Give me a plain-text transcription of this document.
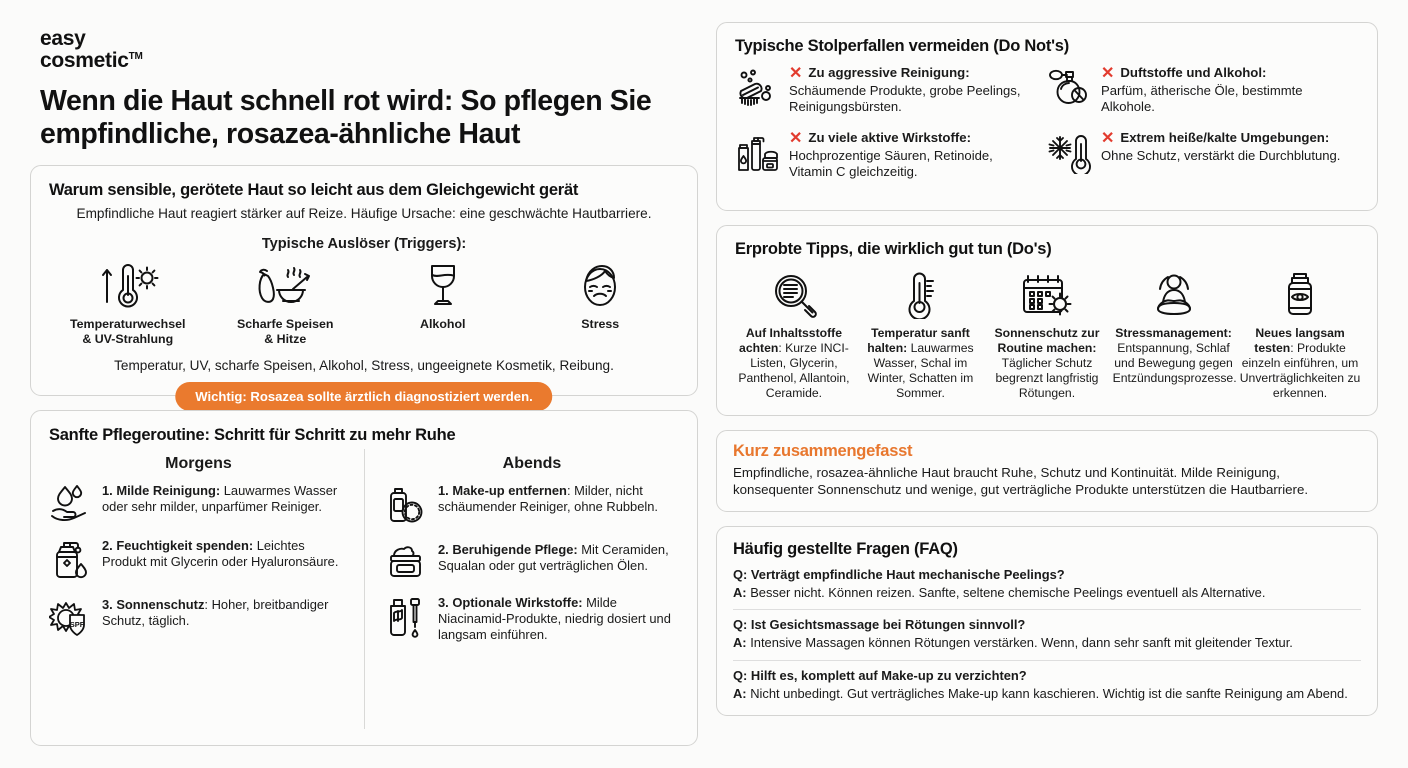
easy
cosmetic™
Wenn die Haut schnell rot wird: So pflegen Sie empfindliche, rosazea-ähnliche Haut
Warum sensible, gerötete Haut so leicht aus dem Gleichgewicht gerät
Empfindliche Haut reagiert stärker auf Reize. Häufige Ursache: eine geschwächte Hautbarriere.
Typische Auslöser (Triggers):
Temperaturwechsel
& UV-Strahlung
Scharfe Speisen
& Hitze
Alkohol	Stress
Temperatur, UV, scharfe Speisen, Alkohol, Stress, ungeeignete Kosmetik, Reibung.
Wichtig: Rosazea sollte ärztlich diagnostiziert werden.
Sanfte Pflegeroutine: Schritt für Schritt zu mehr Ruhe
Morgens
1. Milde Reinigung: Lauwarmes Wasser oder sehr milder, unparfümer Reiniger.
2. Feuchtigkeit spenden: Leichtes Produkt mit Glycerin oder Hyaluronsäure.
SPF
3. Sonnenschutz: Hoher, breitbandiger Schutz, täglich.
Abends
1. Make-up entfernen: Milder, nicht schäumender Reiniger, ohne Rubbeln.
2. Beruhigende Pflege: Mit Ceramiden, Squalan oder gut verträglichen Ölen.
3. Optionale Wirkstoffe: Milde Niacinamid-Produkte, niedrig dosiert und langsam einführen.
Typische Stolperfallen vermeiden (Do Not's)
✕ Zu aggressive Reinigung:
Schäumende Produkte, grobe Peelings, Reinigungsbürsten.
✕ Duftstoffe und Alkohol:
Parfüm, ätherische Öle, bestimmte Alkohole.
✕ Zu viele aktive Wirkstoffe:
Hochprozentige Säuren, Retinoide, Vitamin C gleichzeitig.
✕ Extrem heiße/kalte Umgebungen:
Ohne Schutz, verstärkt die Durchblutung.
Erprobte Tipps, die wirklich gut tun (Do's)
Auf Inhaltsstoffe achten: Kurze INCI-Listen, Glycerin, Panthenol, Allantoin, Ceramide.
Temperatur sanft halten: Lauwarmes Wasser, Schal im Winter, Schatten im Sommer.
Sonnenschutz zur Routine machen: Täglicher Schutz begrenzt langfristig Rötungen.
Stressmanagement: Entspannung, Schlaf und Bewegung gegen Entzündungsprozesse.
Neues langsam testen: Produkte einzeln einführen, um Unverträglichkeiten zu erkennen.
Kurz zusammengefasst

Empfindliche, rosazea-ähnliche Haut braucht Ruhe, Schutz und Kontinuität. Milde Reinigung, konsequenter Sonnenschutz und wenige, gut verträgliche Produkte unterstützen die Hautbarriere.

Häufig gestellte Fragen (FAQ)
Q: Verträgt empfindliche Haut mechanische Peelings?
A: Besser nicht. Können reizen. Sanfte, seltene chemische Peelings eventuell als Alternative.
Q: Ist Gesichtsmassage bei Rötungen sinnvoll?
A: Intensive Massagen können Rötungen verstärken. Wenn, dann sehr sanft mit gleitender Textur.
Q: Hilft es, komplett auf Make-up zu verzichten?
A: Nicht unbedingt. Gut verträgliches Make-up kann kaschieren. Wichtig ist die sanfte Reinigung am Abend.
